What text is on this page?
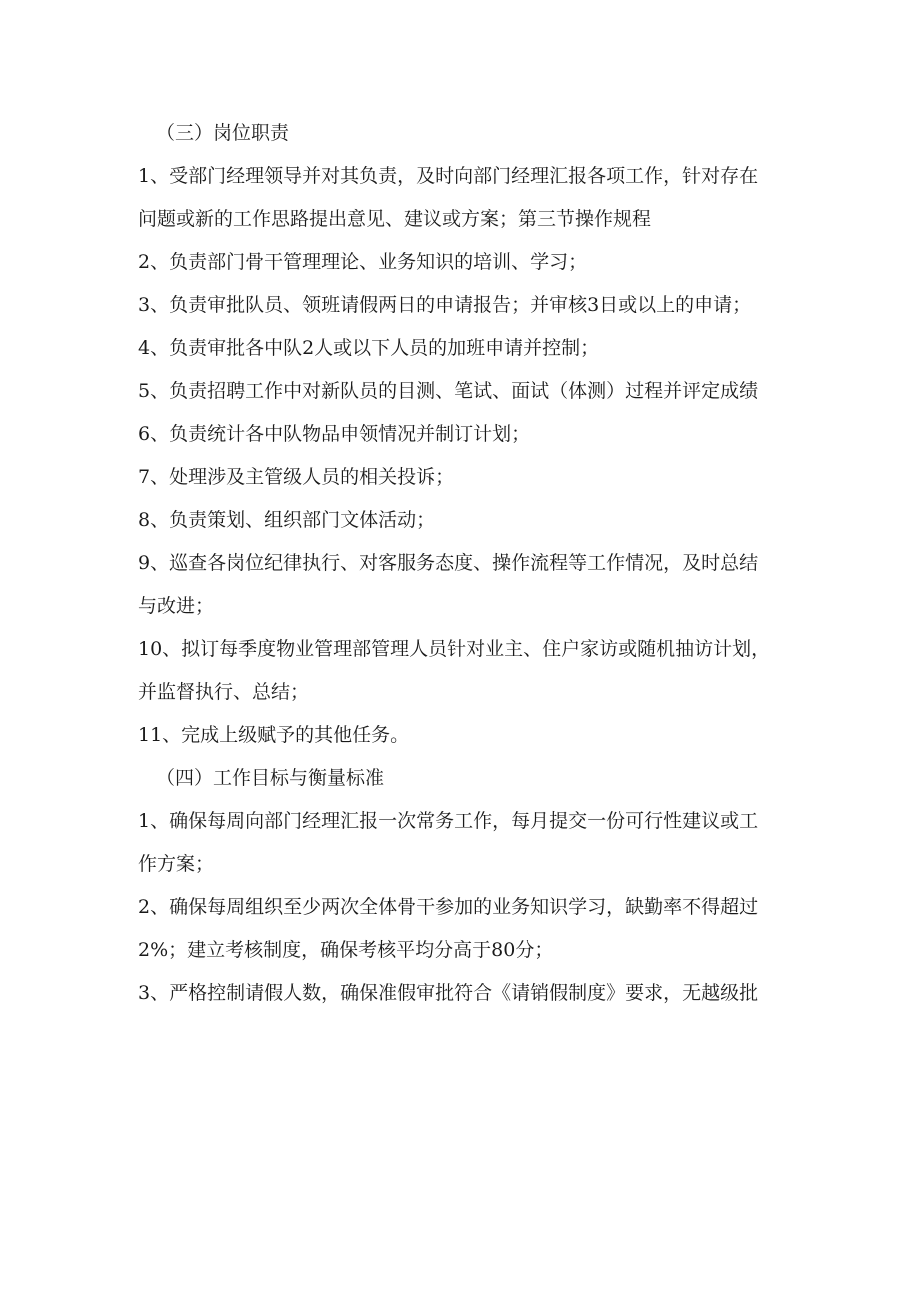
（三）岗位职责
1、受部门经理领导并对其负责，及时向部门经理汇报各项工作，针对存在
问题或新的工作思路提出意见、建议或方案；第三节操作规程
2、负责部门骨干管理理论、业务知识的培训、学习；
3、负责审批队员、领班请假两日的申请报告；并审核3日或以上的申请；
4、负责审批各中队2人或以下人员的加班申请并控制；
5、负责招聘工作中对新队员的目测、笔试、面试（体测）过程并评定成绩
6、负责统计各中队物品申领情况并制订计划；
7、处理涉及主管级人员的相关投诉；
8、负责策划、组织部门文体活动；
9、巡查各岗位纪律执行、对客服务态度、操作流程等工作情况，及时总结
与改进；
10、拟订每季度物业管理部管理人员针对业主、住户家访或随机抽访计划，
并监督执行、总结；
11、完成上级赋予的其他任务。
（四）工作目标与衡量标准
1、确保每周向部门经理汇报一次常务工作，每月提交一份可行性建议或工
作方案；
2、确保每周组织至少两次全体骨干参加的业务知识学习，缺勤率不得超过
2%；建立考核制度，确保考核平均分高于80分；
3、严格控制请假人数，确保准假审批符合《请销假制度》要求，无越级批
